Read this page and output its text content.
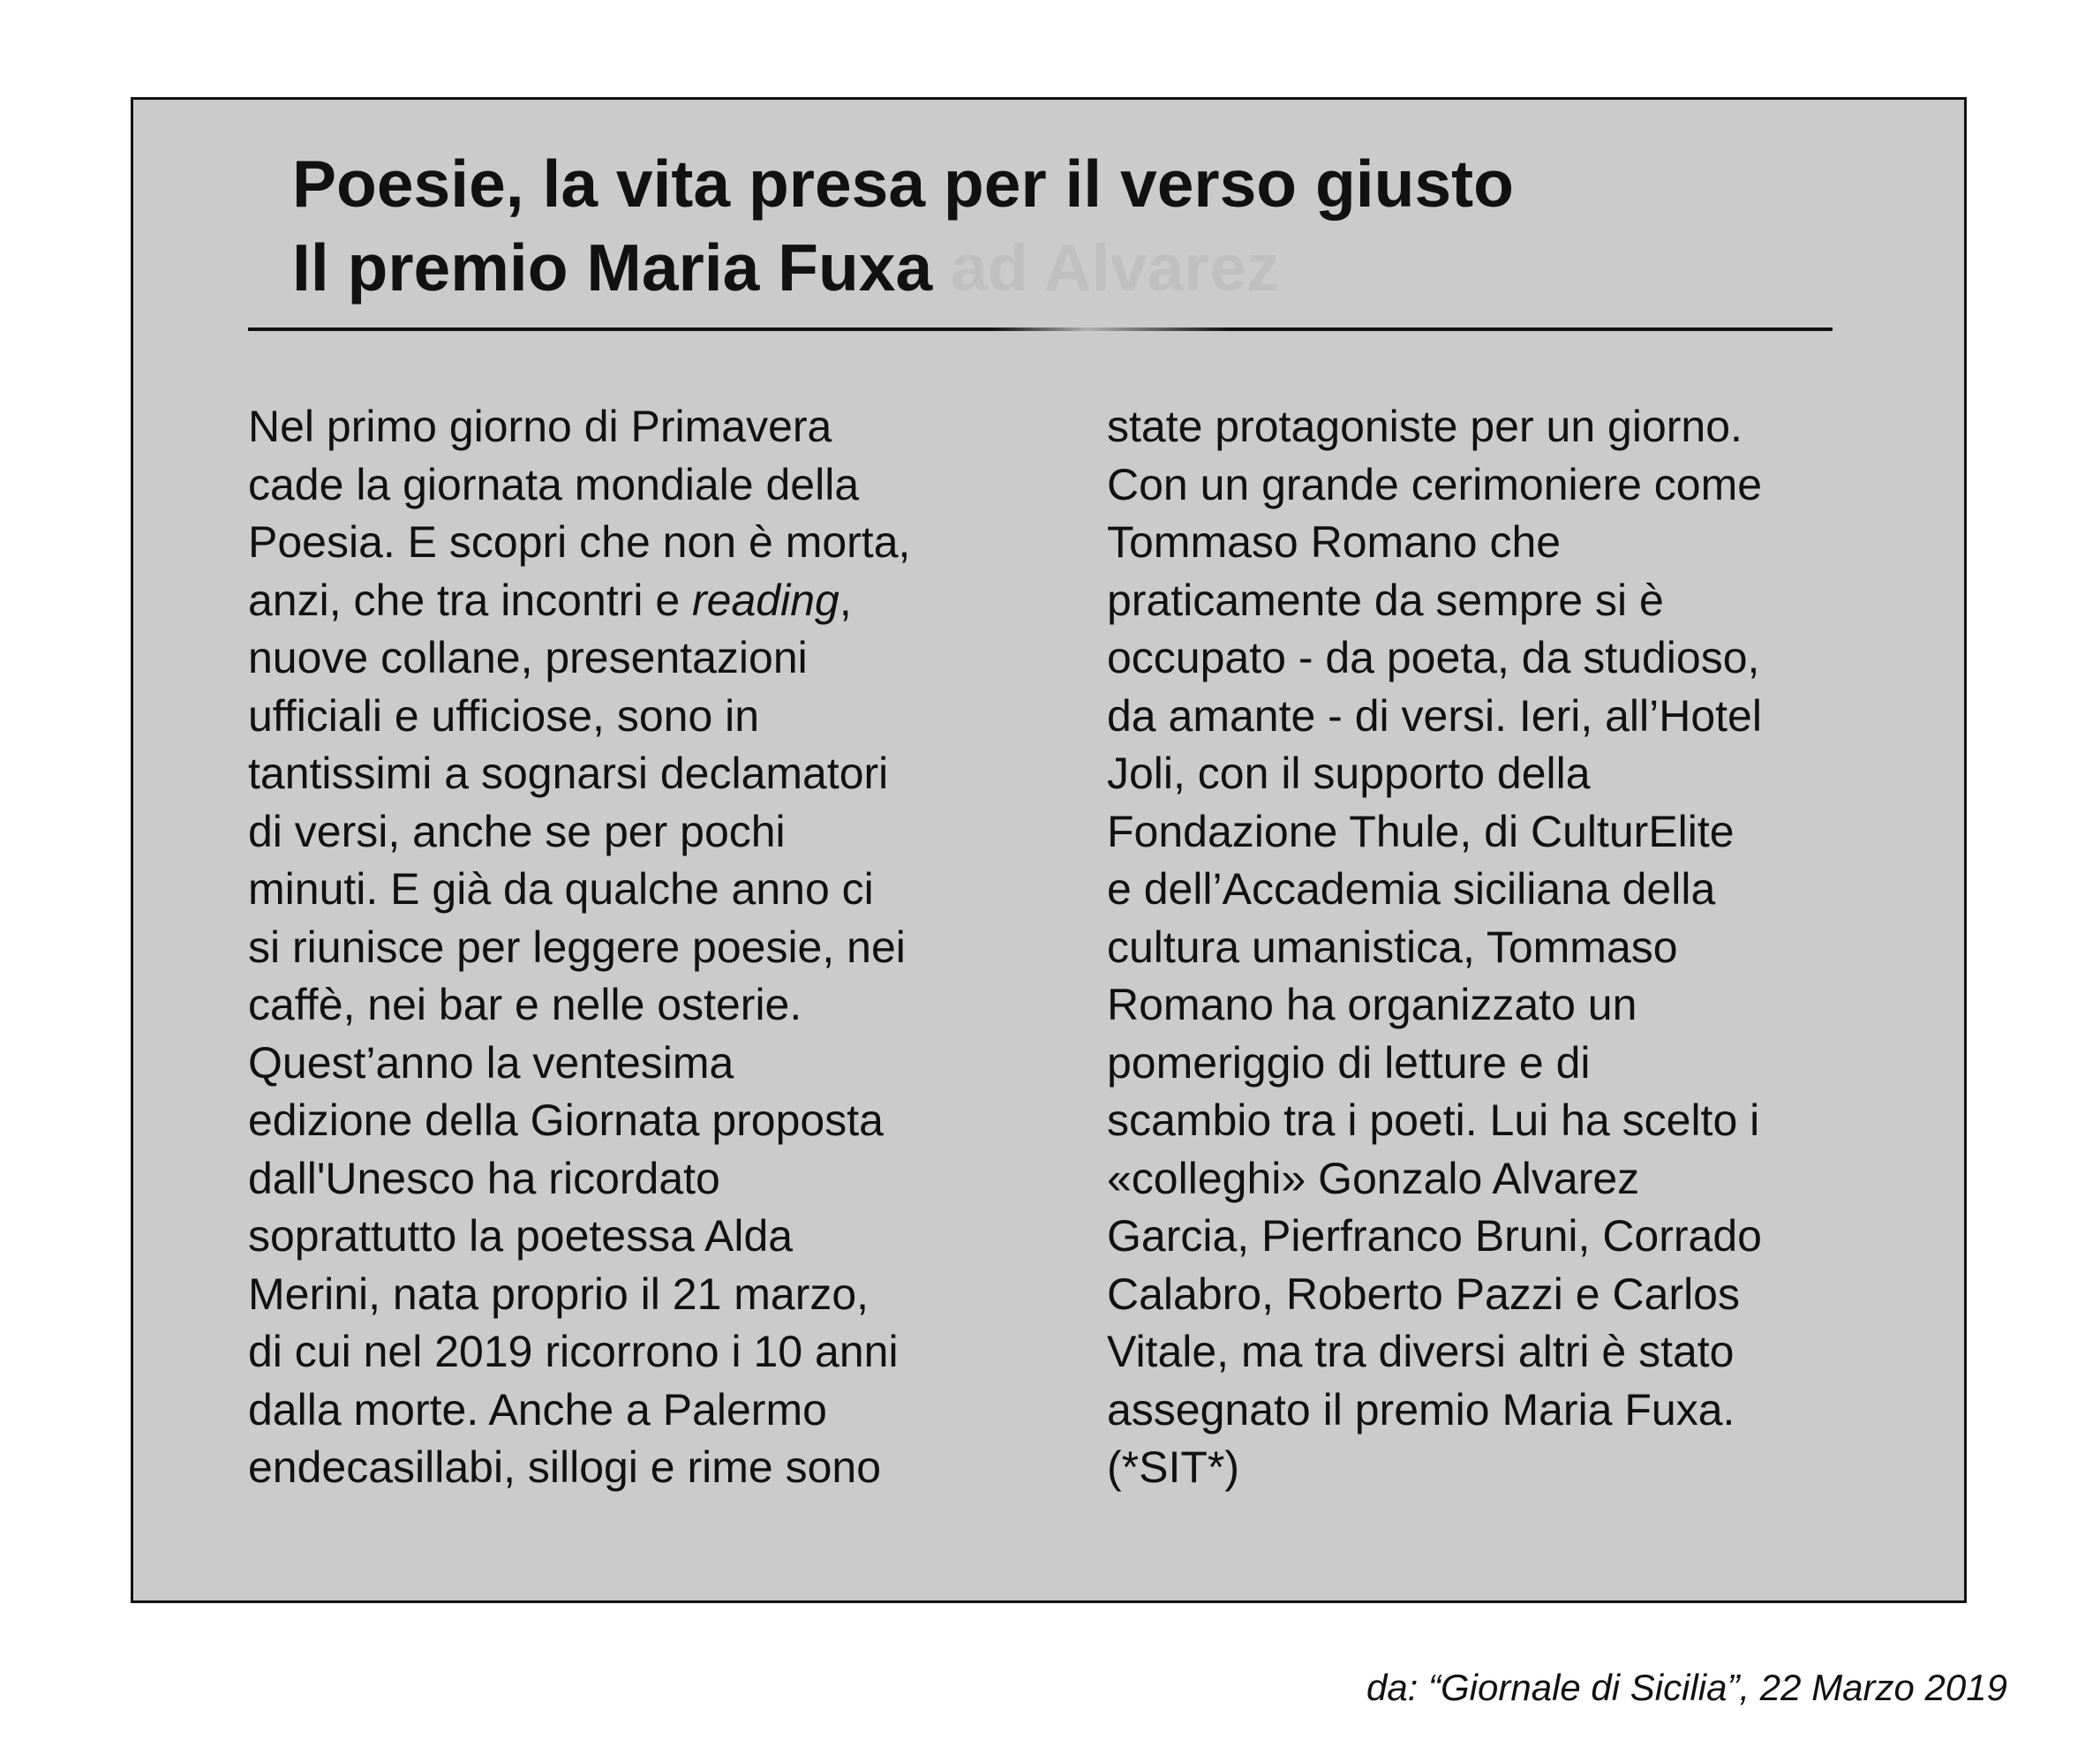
Poesie, la vita presa per il verso giusto
Il premio Maria Fuxa ad Alvarez
Nel primo giorno di Primavera
cade la giornata mondiale della
Poesia. E scopri che non è morta,
anzi, che tra incontri e reading,
nuove collane, presentazioni
ufficiali e ufficiose, sono in
tantissimi a sognarsi declamatori
di versi, anche se per pochi
minuti. E già da qualche anno ci
si riunisce per leggere poesie, nei
caffè, nei bar e nelle osterie.
Quest’anno la ventesima
edizione della Giornata proposta
dall'Unesco ha ricordato
soprattutto la poetessa Alda
Merini, nata proprio il 21 marzo,
di cui nel 2019 ricorrono i 10 anni
dalla morte. Anche a Palermo
endecasillabi, sillogi e rime sono
state protagoniste per un giorno.
Con un grande cerimoniere come
Tommaso Romano che
praticamente da sempre si è
occupato - da poeta, da studioso,
da amante - di versi. Ieri, all’Hotel
Joli, con il supporto della
Fondazione Thule, di CulturElite
e dell’Accademia siciliana della
cultura umanistica, Tommaso
Romano ha organizzato un
pomeriggio di letture e di
scambio tra i poeti. Lui ha scelto i
«colleghi» Gonzalo Alvarez
Garcia, Pierfranco Bruni, Corrado
Calabro, Roberto Pazzi e Carlos
Vitale, ma tra diversi altri è stato
assegnato il premio Maria Fuxa.
(*SIT*)
da: “Giornale di Sicilia”, 22 Marzo 2019
